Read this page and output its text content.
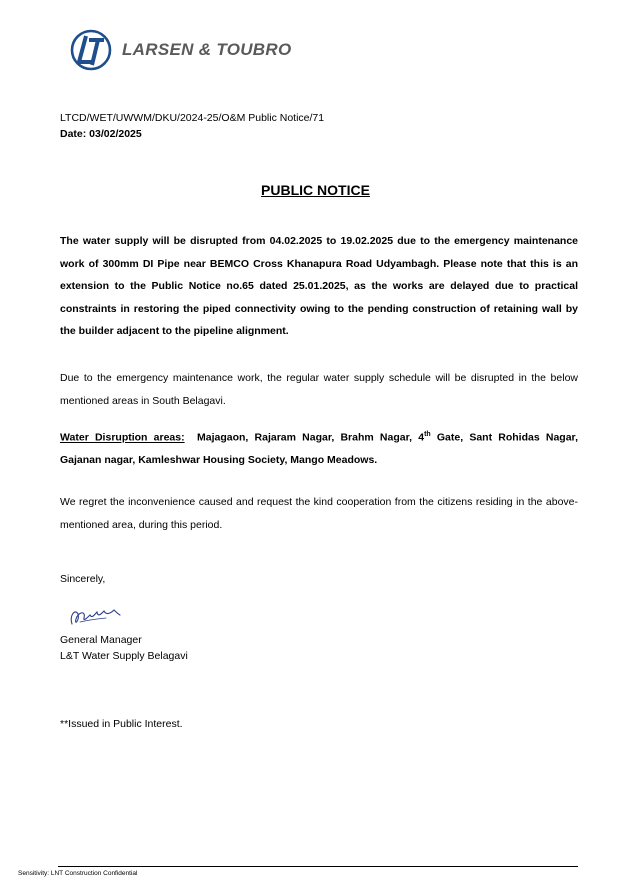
LARSEN & TOUBRO
LTCD/WET/UWWM/DKU/2024-25/O&M Public Notice/71
Date: 03/02/2025
PUBLIC NOTICE

The water supply will be disrupted from 04.02.2025 to 19.02.2025 due to the emergency maintenance work of 300mm DI Pipe near BEMCO Cross Khanapura Road Udyambagh. Please note that this is an extension to the Public Notice no.65 dated 25.01.2025, as the works are delayed due to practical constraints in restoring the piped connectivity owing to the pending construction of retaining wall by the builder adjacent to the pipeline alignment.

Due to the emergency maintenance work, the regular water supply schedule will be disrupted in the below mentioned areas in South Belagavi.

Water Disruption areas: Majagaon, Rajaram Nagar, Brahm Nagar, 4th Gate, Sant Rohidas Nagar, Gajanan nagar, Kamleshwar Housing Society, Mango Meadows.

We regret the inconvenience caused and request the kind cooperation from the citizens residing in the above-mentioned area, during this period.

Sincerely,
General Manager
L&T Water Supply Belagavi
**Issued in Public Interest.
Sensitivity: LNT Construction Confidential
